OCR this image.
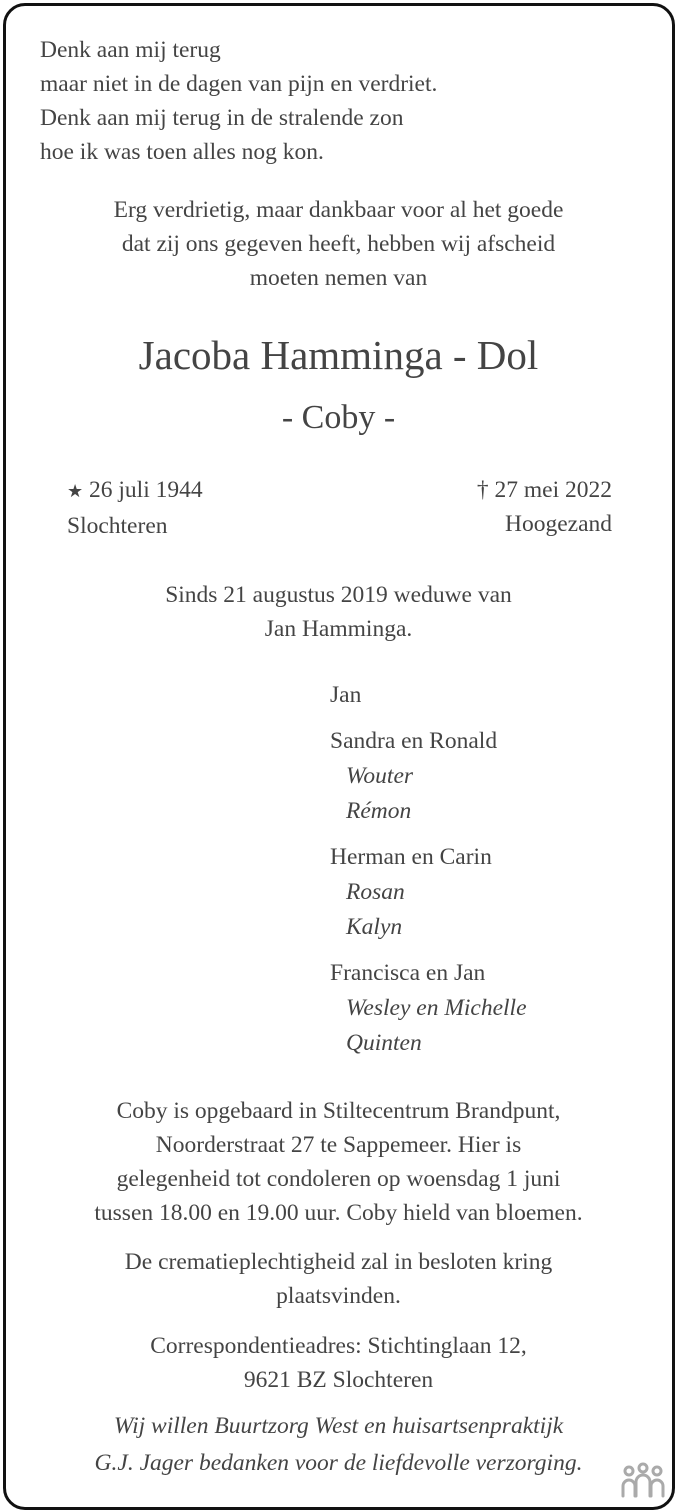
Denk aan mij terug
maar niet in de dagen van pijn en verdriet.
Denk aan mij terug in de stralende zon
hoe ik was toen alles nog kon.
Erg verdrietig, maar dankbaar voor al het goede
dat zij ons gegeven heeft, hebben wij afscheid
moeten nemen van
Jacoba Hamminga - Dol
- Coby -
★ 26 juli 1944
Slochteren
† 27 mei 2022
Hoogezand
Sinds 21 augustus 2019 weduwe van
Jan Hamminga.
Jan
Sandra en Ronald
Wouter
Rémon
Herman en Carin
Rosan
Kalyn
Francisca en Jan
Wesley en Michelle
Quinten
Coby is opgebaard in Stiltecentrum Brandpunt,
Noorderstraat 27 te Sappemeer. Hier is
gelegenheid tot condoleren op woensdag 1 juni
tussen 18.00 en 19.00 uur. Coby hield van bloemen.
De crematieplechtigheid zal in besloten kring
plaatsvinden.
Correspondentieadres: Stichtinglaan 12,
9621 BZ Slochteren
Wij willen Buurtzorg West en huisartsenpraktijk
G.J. Jager bedanken voor de liefdevolle verzorging.
